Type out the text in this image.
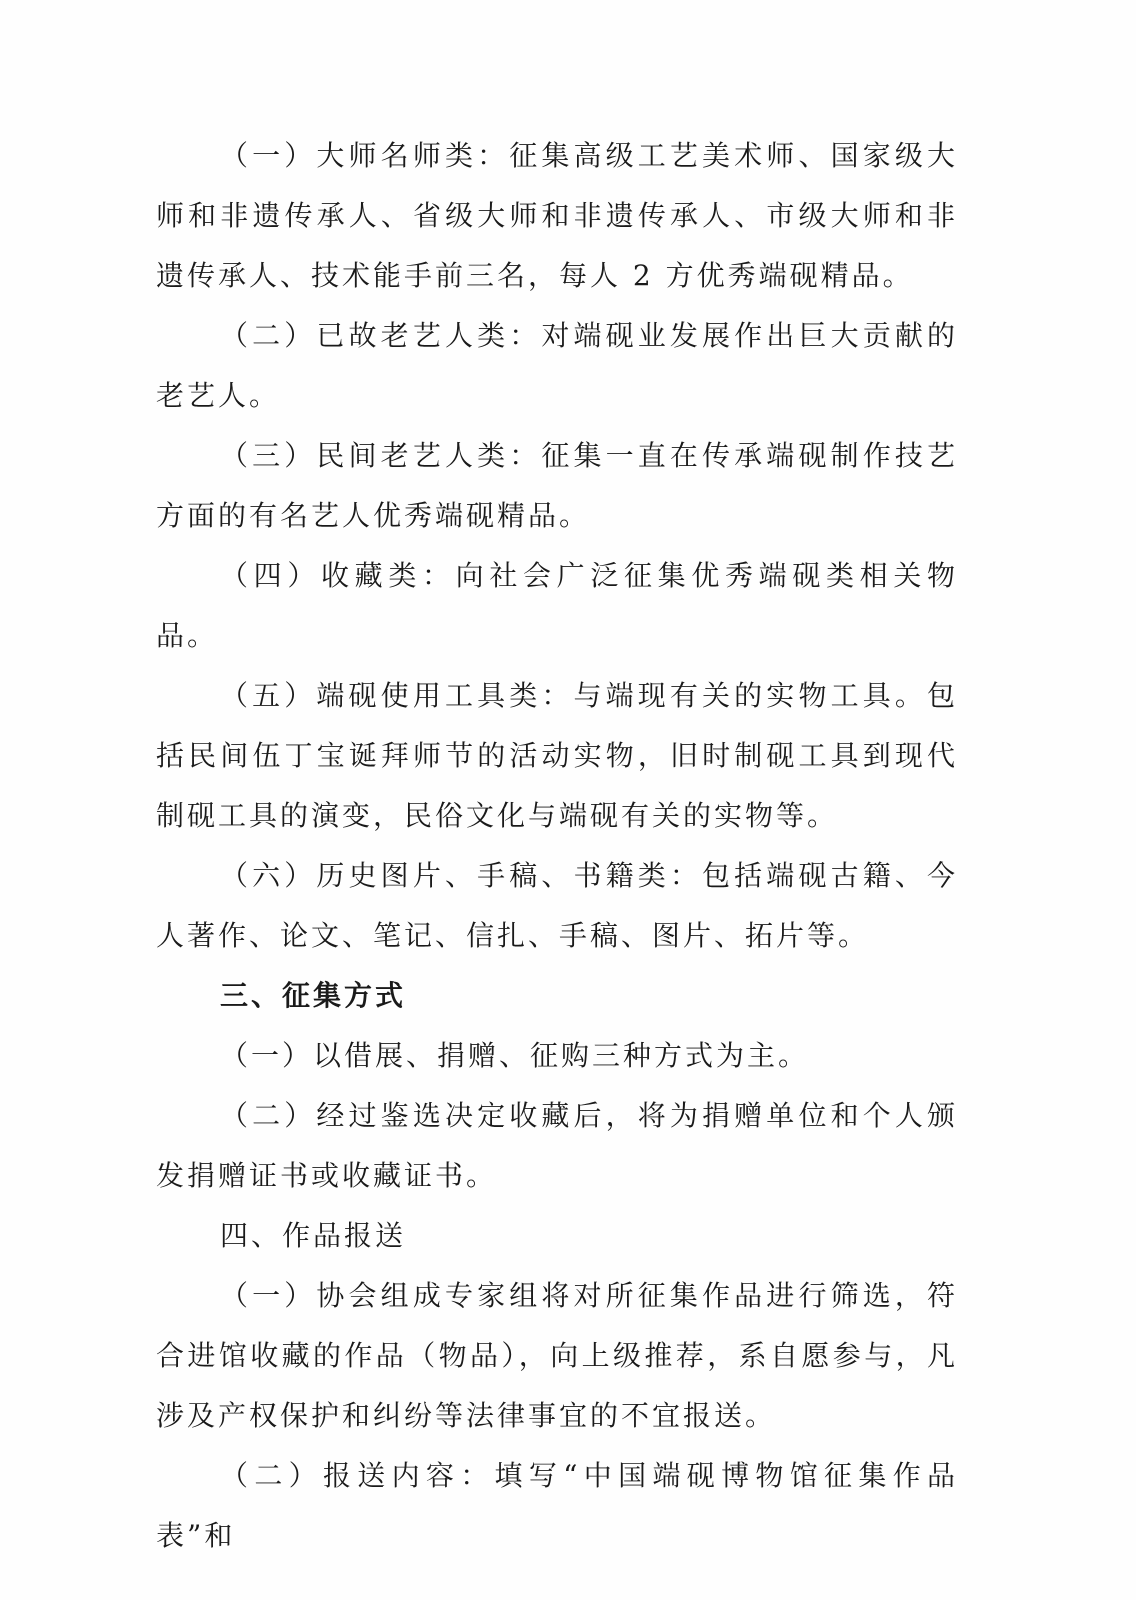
（一）大师名师类：征集高级工艺美术师、国家级大师和非遗传承人、省级大师和非遗传承人、市级大师和非遗传承人、技术能手前三名，每人 2 方优秀端砚精品。

（二）已故老艺人类：对端砚业发展作出巨大贡献的老艺人。

（三）民间老艺人类：征集一直在传承端砚制作技艺方面的有名艺人优秀端砚精品。

（四）收藏类：向社会广泛征集优秀端砚类相关物品。

（五）端砚使用工具类：与端现有关的实物工具。包括民间伍丁宝诞拜师节的活动实物，旧时制砚工具到现代制砚工具的演变，民俗文化与端砚有关的实物等。

（六）历史图片、手稿、书籍类：包括端砚古籍、今人著作、论文、笔记、信扎、手稿、图片、拓片等。

三、征集方式

（一）以借展、捐赠、征购三种方式为主。

（二）经过鉴选决定收藏后，将为捐赠单位和个人颁发捐赠证书或收藏证书。

四、作品报送

（一）协会组成专家组将对所征集作品进行筛选，符合进馆收藏的作品（物品），向上级推荐，系自愿参与，凡涉及产权保护和纠纷等法律事宜的不宜报送。

（二）报送内容：填写“中国端砚博物馆征集作品表”和
